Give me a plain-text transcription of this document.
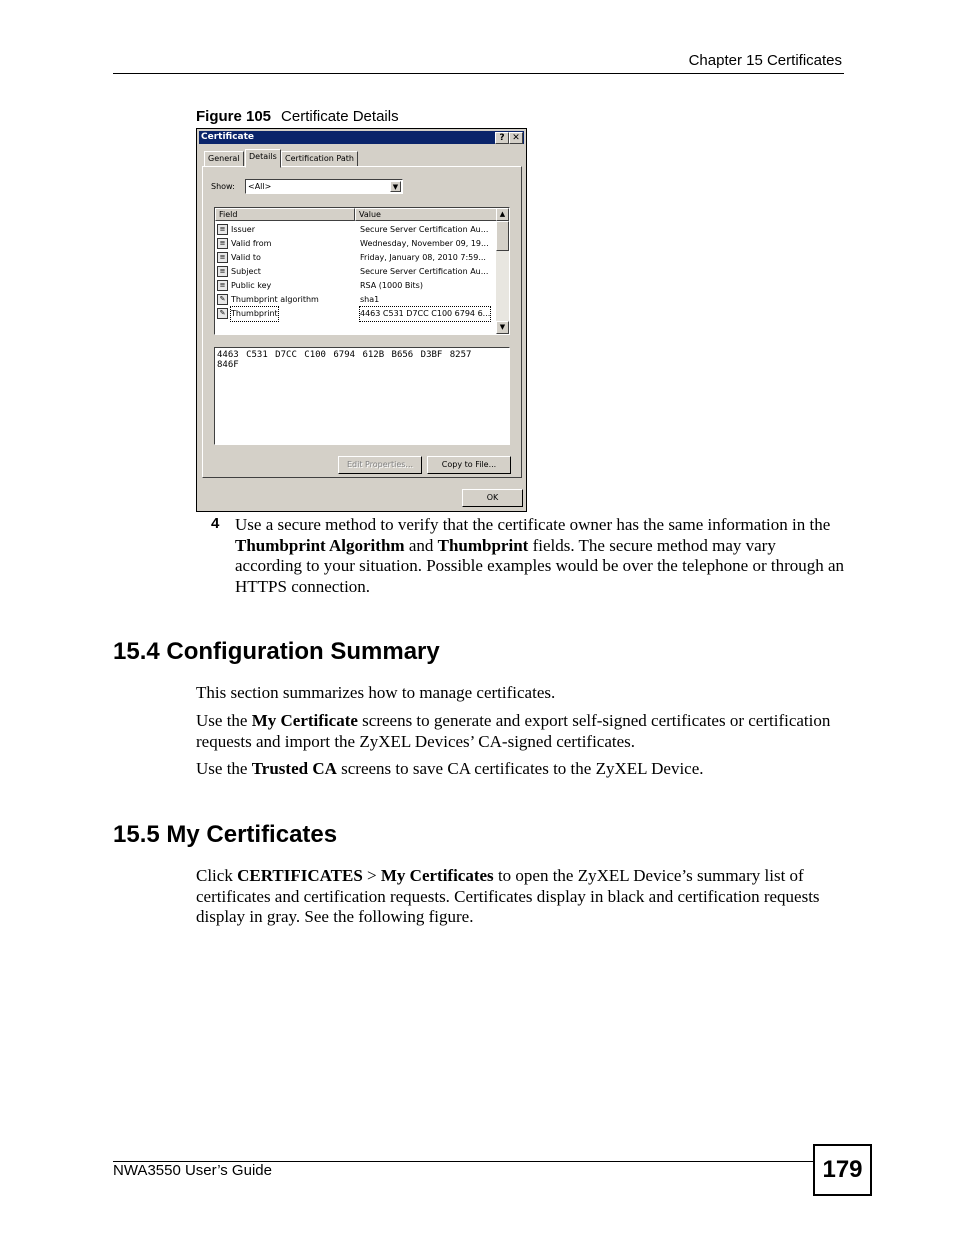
Chapter 15 Certificates
Figure 105 Certificate Details
Certificate	? ✕
General	Details	Certification Path
Show:	<All>	▼
Field	Value
≡ Issuer	Secure Server Certification Au...
≡ Valid from	Wednesday, November 09, 19...
≡ Valid to	Friday, January 08, 2010 7:59...
≡ Subject	Secure Server Certification Au...
≡ Public key	RSA (1000 Bits)
✎ Thumbprint algorithm	sha1
✎ Thumbprint	4463 C531 D7CC C100 6794 6...
▲
▼
4463 C531 D7CC C100 6794 612B B656 D3BF 8257
846F
Edit Properties...	Copy to File...
OK
4 Use a secure method to verify that the certificate owner has the same information in the Thumbprint Algorithm and Thumbprint fields. The secure method may vary according to your situation. Possible examples would be over the telephone or through an HTTPS connection.
15.4 Configuration Summary
This section summarizes how to manage certificates.
Use the My Certificate screens to generate and export self-signed certificates or certification requests and import the ZyXEL Devices’ CA-signed certificates.
Use the Trusted CA screens to save CA certificates to the ZyXEL Device.
15.5 My Certificates
Click CERTIFICATES > My Certificates to open the ZyXEL Device’s summary list of certificates and certification requests. Certificates display in black and certification requests display in gray. See the following figure.
NWA3550 User’s Guide	179
